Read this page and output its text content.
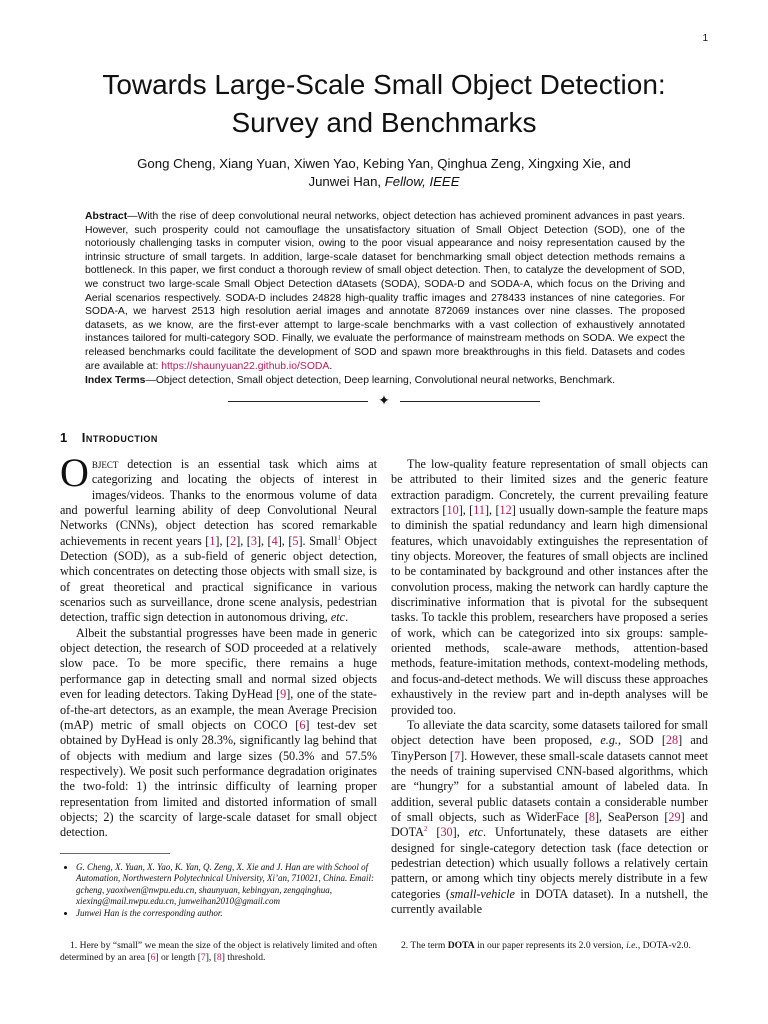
1
Towards Large-Scale Small Object Detection:
Survey and Benchmarks
Gong Cheng, Xiang Yuan, Xiwen Yao, Kebing Yan, Qinghua Zeng, Xingxing Xie, and
Junwei Han, Fellow, IEEE

Abstract—With the rise of deep convolutional neural networks, object detection has achieved prominent advances in past years. However, such prosperity could not camouflage the unsatisfactory situation of Small Object Detection (SOD), one of the notoriously challenging tasks in computer vision, owing to the poor visual appearance and noisy representation caused by the intrinsic structure of small targets. In addition, large-scale dataset for benchmarking small object detection methods remains a bottleneck. In this paper, we first conduct a thorough review of small object detection. Then, to catalyze the development of SOD, we construct two large-scale Small Object Detection dAtasets (SODA), SODA-D and SODA-A, which focus on the Driving and Aerial scenarios respectively. SODA-D includes 24828 high-quality traffic images and 278433 instances of nine categories. For SODA-A, we harvest 2513 high resolution aerial images and annotate 872069 instances over nine classes. The proposed datasets, as we know, are the first-ever attempt to large-scale benchmarks with a vast collection of exhaustively annotated instances tailored for multi-category SOD. Finally, we evaluate the performance of mainstream methods on SODA. We expect the released benchmarks could facilitate the development of SOD and spawn more breakthroughs in this field. Datasets and codes are available at: https://shaunyuan22.github.io/SODA.

Index Terms—Object detection, Small object detection, Deep learning, Convolutional neural networks, Benchmark.

✦
1 Introduction

Object detection is an essential task which aims at categorizing and locating the objects of interest in images/videos. Thanks to the enormous volume of data and powerful learning ability of deep Convolutional Neural Networks (CNNs), object detection has scored remarkable achievements in recent years [1], [2], [3], [4], [5]. Small$^1$ Object Detection (SOD), as a sub-field of generic object detection, which concentrates on detecting those objects with small size, is of great theoretical and practical significance in various scenarios such as surveillance, drone scene analysis, pedestrian detection, traffic sign detection in autonomous driving, etc.

Albeit the substantial progresses have been made in generic object detection, the research of SOD proceeded at a relatively slow pace. To be more specific, there remains a huge performance gap in detecting small and normal sized objects even for leading detectors. Taking DyHead [9], one of the state-of-the-art detectors, as an example, the mean Average Precision (mAP) metric of small objects on COCO [6] test-dev set obtained by DyHead is only 28.3%, significantly lag behind that of objects with medium and large sizes (50.3% and 57.5% respectively). We posit such performance degradation originates the two-fold: 1) the intrinsic difficulty of learning proper representation from limited and distorted information of small objects; 2) the scarcity of large-scale dataset for small object detection.

The low-quality feature representation of small objects can be attributed to their limited sizes and the generic feature extraction paradigm. Concretely, the current prevailing feature extractors [10], [11], [12] usually down-sample the feature maps to diminish the spatial redundancy and learn high dimensional features, which unavoidably extinguishes the representation of tiny objects. Moreover, the features of small objects are inclined to be contaminated by background and other instances after the convolution process, making the network can hardly capture the discriminative information that is pivotal for the subsequent tasks. To tackle this problem, researchers have proposed a series of work, which can be categorized into six groups: sample-oriented methods, scale-aware methods, attention-based methods, feature-imitation methods, context-modeling methods, and focus-and-detect methods. We will discuss these approaches exhaustively in the review part and in-depth analyses will be provided too.

To alleviate the data scarcity, some datasets tailored for small object detection have been proposed, e.g., SOD [28] and TinyPerson [7]. However, these small-scale datasets cannot meet the needs of training supervised CNN-based algorithms, which are “hungry” for a substantial amount of labeled data. In addition, several public datasets contain a considerable number of small objects, such as WiderFace [8], SeaPerson [29] and DOTA$^2$ [30], etc. Unfortunately, these datasets are either designed for single-category detection task (face detection or pedestrian detection) which usually follows a relatively certain pattern, or among which tiny objects merely distribute in a few categories (small-vehicle in DOTA dataset). In a nutshell, the currently available

• G. Cheng, X. Yuan, X. Yao, K. Yan, Q. Zeng, X. Xie and J. Han are with School of Automation, Northwestern Polytechnical University, Xi’an, 710021, China. Email: gcheng, yaoxiwen@nwpu.edu.cn, shaunyuan, kebingyan, zengqinghua, xiexing@mail.nwpu.edu.cn, junweihan2010@gmail.com
• Junwei Han is the corresponding author.
1. Here by “small” we mean the size of the object is relatively limited and often determined by an area [6] or length [7], [8] threshold.
2. The term DOTA in our paper represents its 2.0 version, i.e., DOTA-v2.0.
